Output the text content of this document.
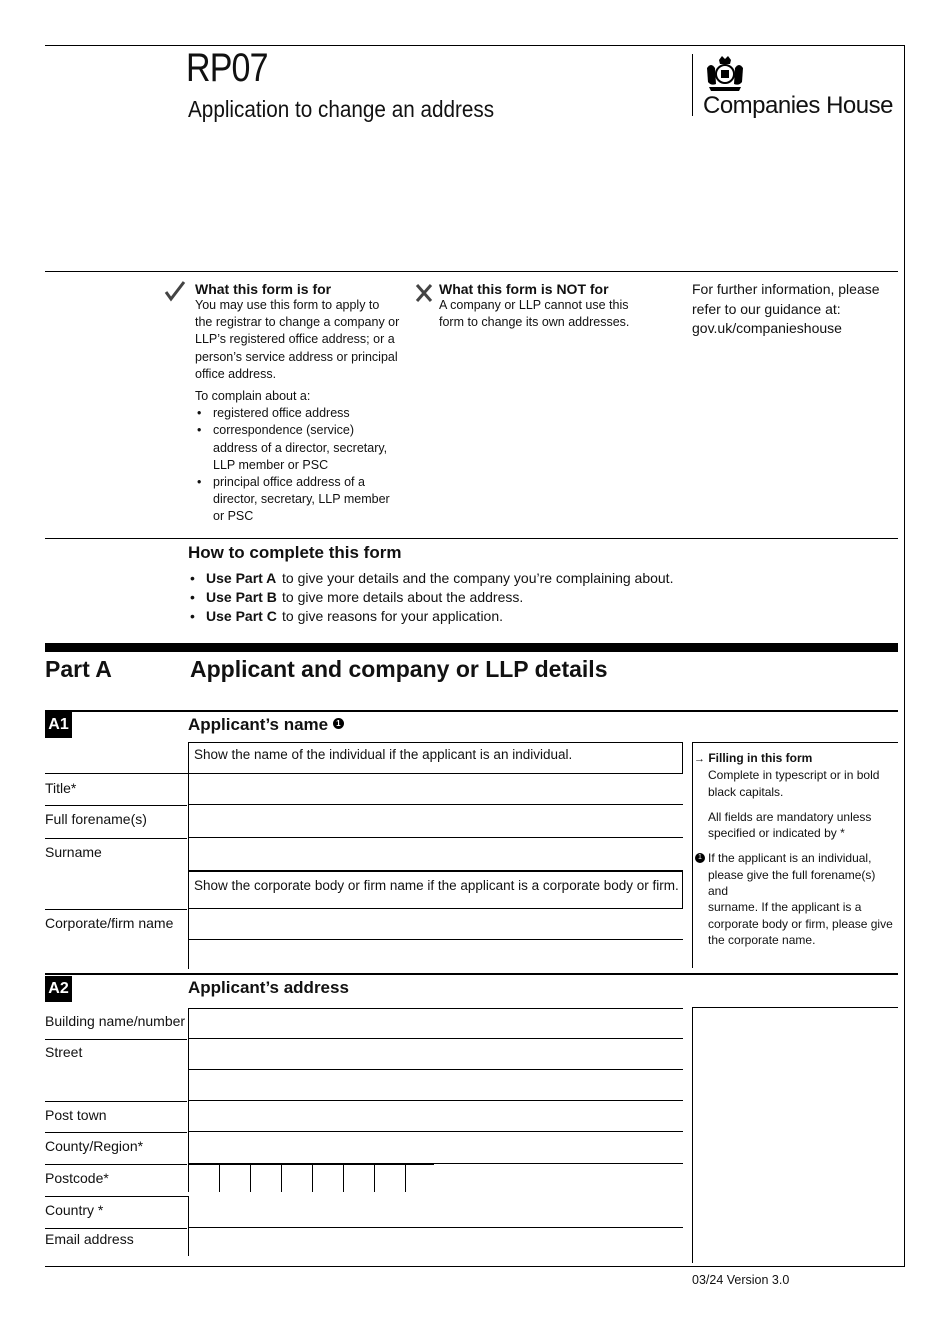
RP07
Application to change an address	Companies House
What this form is for
You may use this form to apply to the registrar to change a company or LLP’s registered office address; or a person’s service address or principal office address.
To complain about a:
• registered office address
• correspondence (service) address of a director, secretary, LLP member or PSC
• principal office address of a director, secretary, LLP member or PSC
What this form is NOT for
A company or LLP cannot use this form to change its own addresses.
For further information, please refer to our guidance at: gov.uk/companieshouse
How to complete this form
• Use Part A to give your details and the company you’re complaining about.
• Use Part B to give more details about the address.
• Use Part C to give reasons for your application.
Part A	Applicant and company or LLP details
A1	Applicant’s name 1
Show the name of the individual if the applicant is an individual.
Title*
Full forename(s)
Surname
Show the corporate body or firm name if the applicant is a corporate body or firm.
Corporate/firm name
→ Filling in this form
Complete in typescript or in bold black capitals.
All fields are mandatory unless specified or indicated by *
1 If the applicant is an individual, please give the full forename(s) and
surname. If the applicant is a corporate body or firm, please give the corporate name.
A2	Applicant’s address
Building name/number
Street
Post town
County/Region*
Postcode*
Country *
Email address
03/24 Version 3.0
